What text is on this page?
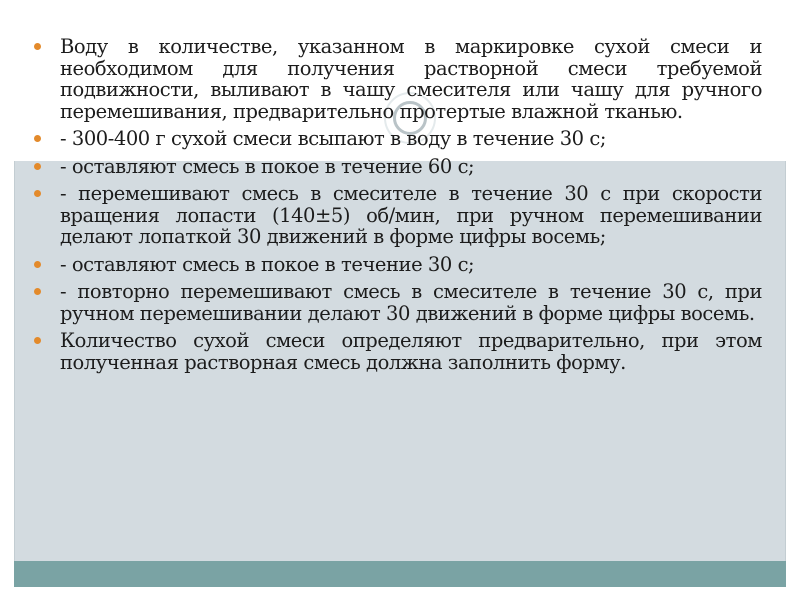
Воду в количестве, указанном в маркировке сухой смеси и необходимом для получения растворной смеси требуемой подвижности, выливают в чашу смесителя или чашу для ручного перемешивания, предварительно протертые влажной тканью.
- 300-400 г сухой смеси всыпают в воду в течение 30 с;
- оставляют смесь в покое в течение 60 с;
- перемешивают смесь в смесителе в течение 30 с при скорости вращения лопасти (140±5) об/мин, при ручном перемешивании делают лопаткой 30 движений в форме цифры восемь;
- оставляют смесь в покое в течение 30 с;
- повторно перемешивают смесь в смесителе в течение 30 с, при ручном перемешивании делают 30 движений в форме цифры восемь.
Количество сухой смеси определяют предварительно, при этом полученная растворная смесь должна заполнить форму.
